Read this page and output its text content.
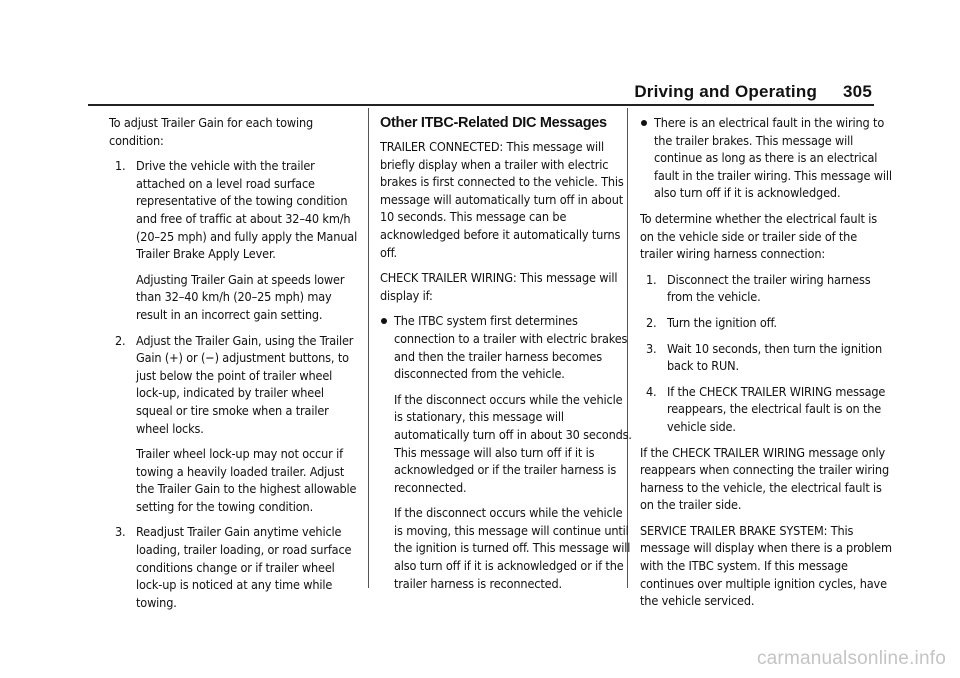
Driving and Operating 305

To adjust Trailer Gain for each towing condition:

1. Drive the vehicle with the trailer attached on a level road surface representative of the towing condition and free of traffic at about 32–40 km/h (20–25 mph) and fully apply the Manual Trailer Brake Apply Lever.

Adjusting Trailer Gain at speeds lower than 32–40 km/h (20–25 mph) may result in an incorrect gain setting.

2. Adjust the Trailer Gain, using the Trailer Gain (+) or (−) adjustment buttons, to just below the point of trailer wheel lock-up, indicated by trailer wheel squeal or tire smoke when a trailer wheel locks.

Trailer wheel lock-up may not occur if towing a heavily loaded trailer. Adjust the Trailer Gain to the highest allowable setting for the towing condition.

3. Readjust Trailer Gain anytime vehicle loading, trailer loading, or road surface conditions change or if trailer wheel lock-up is noticed at any time while towing.
Other ITBC-Related DIC Messages

TRAILER CONNECTED: This message will briefly display when a trailer with electric brakes is first connected to the vehicle. This message will automatically turn off in about 10 seconds. This message can be acknowledged before it automatically turns off.

CHECK TRAILER WIRING: This message will display if:

The ITBC system first determines connection to a trailer with electric brakes and then the trailer harness becomes disconnected from the vehicle.

If the disconnect occurs while the vehicle is stationary, this message will automatically turn off in about 30 seconds. This message will also turn off if it is acknowledged or if the trailer harness is reconnected.

If the disconnect occurs while the vehicle is moving, this message will continue until the ignition is turned off. This message will also turn off if it is acknowledged or if the trailer harness is reconnected.

There is an electrical fault in the wiring to the trailer brakes. This message will continue as long as there is an electrical fault in the trailer wiring. This message will also turn off if it is acknowledged.

To determine whether the electrical fault is on the vehicle side or trailer side of the trailer wiring harness connection:

1. Disconnect the trailer wiring harness from the vehicle.
2. Turn the ignition off.
3. Wait 10 seconds, then turn the ignition back to RUN.
4. If the CHECK TRAILER WIRING message reappears, the electrical fault is on the vehicle side.

If the CHECK TRAILER WIRING message only reappears when connecting the trailer wiring harness to the vehicle, the electrical fault is on the trailer side.

SERVICE TRAILER BRAKE SYSTEM: This message will display when there is a problem with the ITBC system. If this message continues over multiple ignition cycles, have the vehicle serviced.

carmanualsonline.info
